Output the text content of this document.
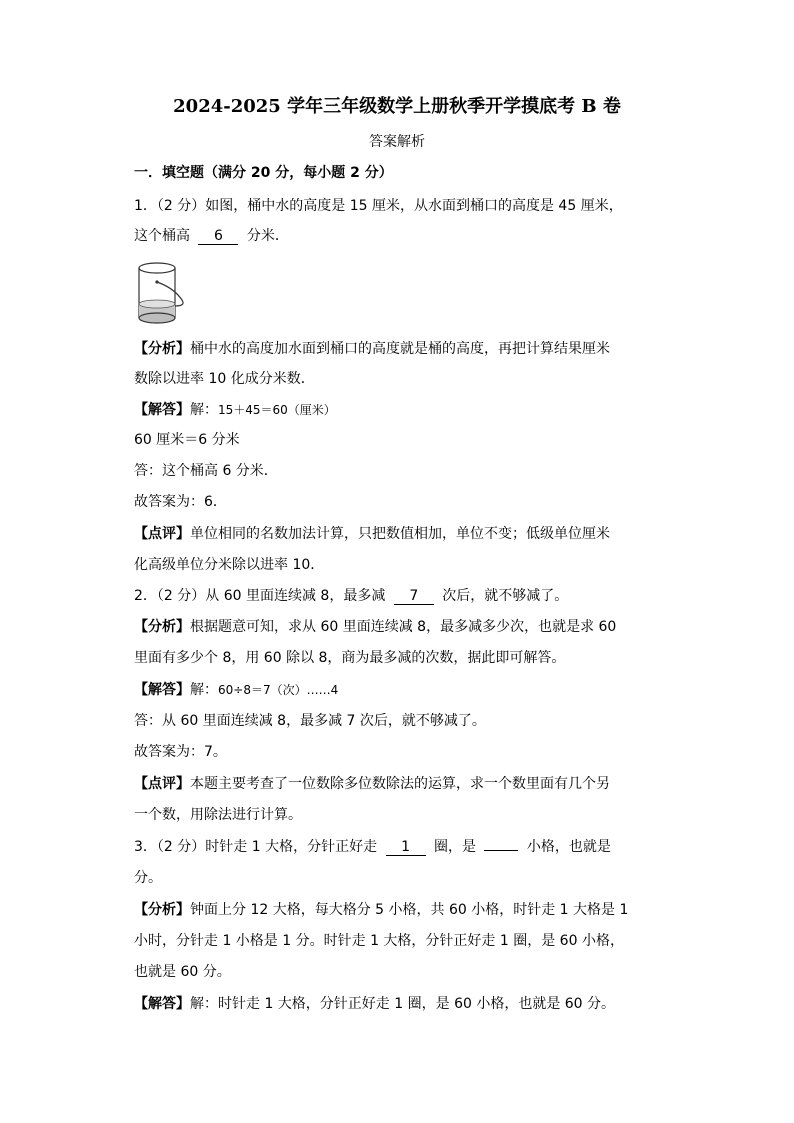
2024-2025 学年三年级数学上册秋季开学摸底考 B 卷
答案解析
一．填空题（满分 20 分，每小题 2 分）
1．（2 分）如图，桶中水的高度是 15 厘米，从水面到桶口的高度是 45 厘米，
这个桶高 6 分米．
【分析】桶中水的高度加水面到桶口的高度就是桶的高度，再把计算结果厘米
数除以进率 10 化成分米数．
【解答】解：15＋45＝60（厘米）
60 厘米＝6 分米
答：这个桶高 6 分米．
故答案为：6．
【点评】单位相同的名数加法计算，只把数值相加，单位不变；低级单位厘米
化高级单位分米除以进率 10．
2．（2 分）从 60 里面连续减 8，最多减 7 次后，就不够减了。
【分析】根据题意可知，求从 60 里面连续减 8，最多减多少次，也就是求 60
里面有多少个 8，用 60 除以 8，商为最多减的次数，据此即可解答。
【解答】解：60÷8＝7（次）……4
答：从 60 里面连续减 8，最多减 7 次后，就不够减了。
故答案为：7。
【点评】本题主要考查了一位数除多位数除法的运算，求一个数里面有几个另
一个数，用除法进行计算。
3．（2 分）时针走 1 大格，分针正好走 1 圈，是	小格，也就是
分。
【分析】钟面上分 12 大格，每大格分 5 小格，共 60 小格，时针走 1 大格是 1
小时，分针走 1 小格是 1 分。时针走 1 大格，分针正好走 1 圈，是 60 小格，
也就是 60 分。
【解答】解：时针走 1 大格，分针正好走 1 圈，是 60 小格，也就是 60 分。
